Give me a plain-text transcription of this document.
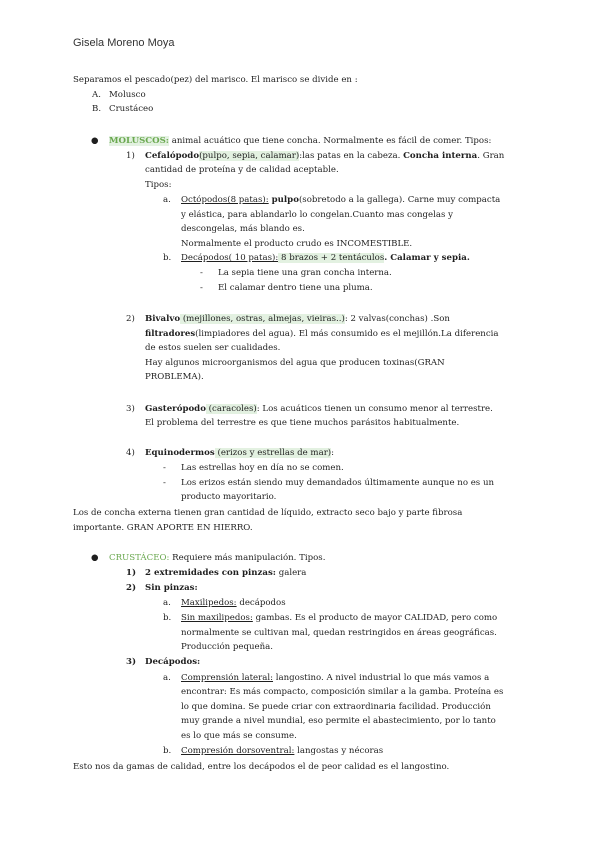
Gisela Moreno Moya
Separamos el pescado(pez) del marisco. El marisco se divide en :
A. Molusco
B. Crustáceo
● MOLUSCOS: animal acuático que tiene concha. Normalmente es fácil de comer. Tipos:
1) Cefalópodo(pulpo, sepia, calamar):las patas en la cabeza. Concha interna. Gran
cantidad de proteína y de calidad aceptable.
Tipos:
a. Octópodos(8 patas): pulpo(sobretodo a la gallega). Carne muy compacta
y elástica, para ablandarlo lo congelan.Cuanto mas congelas y
descongelas, más blando es.
Normalmente el producto crudo es INCOMESTIBLE.
b. Decápodos( 10 patas): 8 brazos + 2 tentáculos. Calamar y sepia.
- La sepia tiene una gran concha interna.
- El calamar dentro tiene una pluma.
2) Bivalvo (mejillones, ostras, almejas, vieiras..): 2 valvas(conchas) .Son
filtradores(limpiadores del agua). El más consumido es el mejillón.La diferencia
de estos suelen ser cualidades.
Hay algunos microorganismos del agua que producen toxinas(GRAN
PROBLEMA).
3) Gasterópodo (caracoles): Los acuáticos tienen un consumo menor al terrestre.
El problema del terrestre es que tiene muchos parásitos habitualmente.
4) Equinodermos (erizos y estrellas de mar):
- Las estrellas hoy en día no se comen.
- Los erizos están siendo muy demandados últimamente aunque no es un
producto mayoritario.
Los de concha externa tienen gran cantidad de líquido, extracto seco bajo y parte fibrosa
importante. GRAN APORTE EN HIERRO.
● CRUSTÁCEO: Requiere más manipulación. Tipos.
1) 2 extremidades con pinzas: galera
2) Sin pinzas:
a. Maxilipedos: decápodos
b. Sin maxilipedos: gambas. Es el producto de mayor CALIDAD, pero como
normalmente se cultivan mal, quedan restringidos en áreas geográficas.
Producción pequeña.
3) Decápodos:
a. Comprensión lateral: langostino. A nivel industrial lo que más vamos a
encontrar: Es más compacto, composición similar a la gamba. Proteína es
lo que domina. Se puede criar con extraordinaria facilidad. Producción
muy grande a nivel mundial, eso permite el abastecimiento, por lo tanto
es lo que más se consume.
b. Compresión dorsoventral: langostas y nécoras
Esto nos da gamas de calidad, entre los decápodos el de peor calidad es el langostino.
